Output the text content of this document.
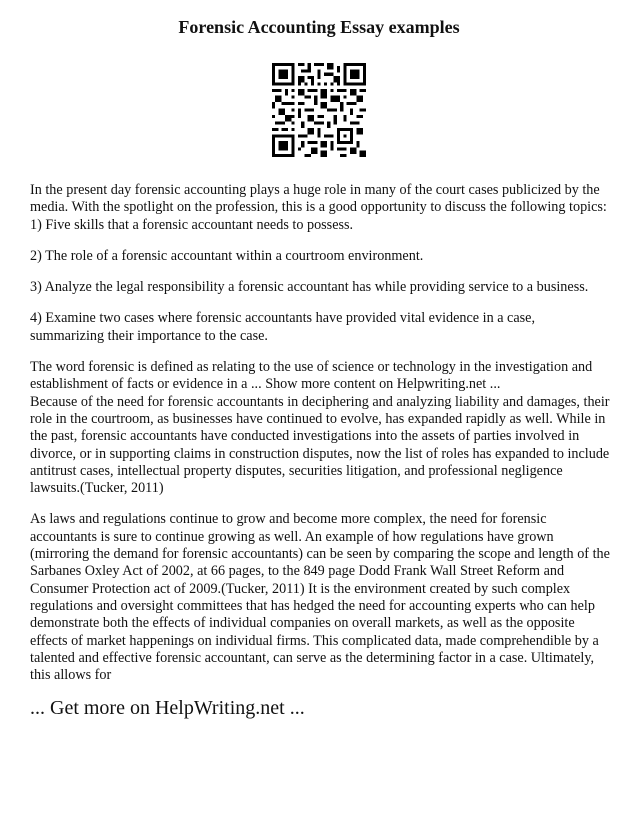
Forensic Accounting Essay examples

In the present day forensic accounting plays a huge role in many of the court cases publicized by the media. With the spotlight on the profession, this is a good opportunity to discuss the following topics:

1) Five skills that a forensic accountant needs to possess.

2) The role of a forensic accountant within a courtroom environment.

3) Analyze the legal responsibility a forensic accountant has while providing service to a business.

4) Examine two cases where forensic accountants have provided vital evidence in a case, summarizing their importance to the case.

The word forensic is defined as relating to the use of science or technology in the investigation and establishment of facts or evidence in a ... Show more content on Helpwriting.net ...

Because of the need for forensic accountants in deciphering and analyzing liability and damages, their role in the courtroom, as businesses have continued to evolve, has expanded rapidly as well. While in the past, forensic accountants have conducted investigations into the assets of parties involved in divorce, or in supporting claims in construction disputes, now the list of roles has expanded to include antitrust cases, intellectual property disputes, securities litigation, and professional negligence lawsuits.(Tucker, 2011)

As laws and regulations continue to grow and become more complex, the need for forensic accountants is sure to continue growing as well. An example of how regulations have grown (mirroring the demand for forensic accountants) can be seen by comparing the scope and length of the Sarbanes Oxley Act of 2002, at 66 pages, to the 849 page Dodd Frank Wall Street Reform and Consumer Protection act of 2009.(Tucker, 2011) It is the environment created by such complex regulations and oversight committees that has hedged the need for accounting experts who can help demonstrate both the effects of individual companies on overall markets, as well as the opposite effects of market happenings on individual firms. This complicated data, made comprehendible by a talented and effective forensic accountant, can serve as the determining factor in a case. Ultimately, this allows for

... Get more on HelpWriting.net ...
